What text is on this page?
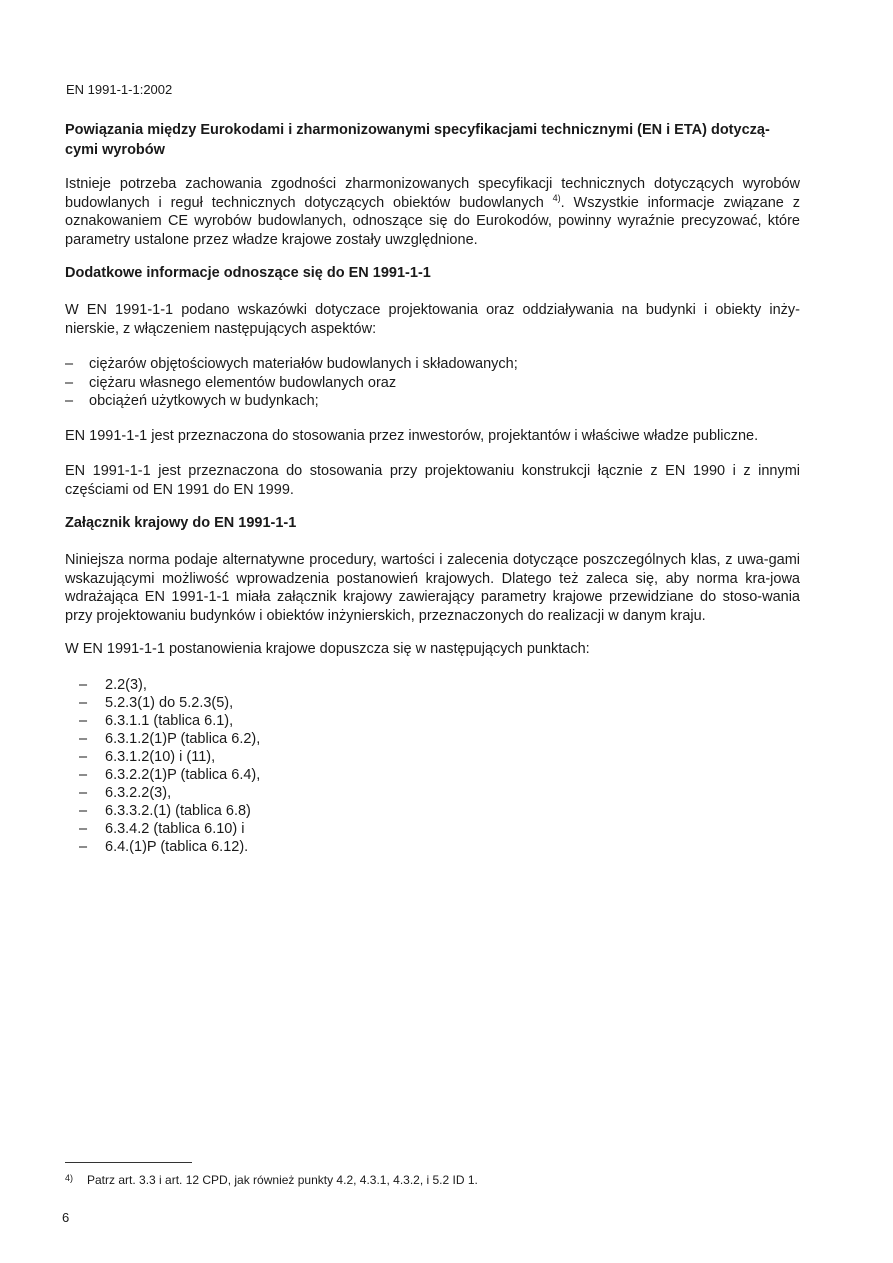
EN 1991-1-1:2002
Powiązania między Eurokodami i zharmonizowanymi specyfikacjami technicznymi (EN i ETA) dotyczą-cymi wyrobów
Istnieje potrzeba zachowania zgodności zharmonizowanych specyfikacji technicznych dotyczących wyrobów budowlanych i reguł technicznych dotyczących obiektów budowlanych $^{4)}$. Wszystkie informacje związane z oznakowaniem CE wyrobów budowlanych, odnoszące się do Eurokodów, powinny wyraźnie precyzować, które parametry ustalone przez władze krajowe zostały uwzględnione.
Dodatkowe informacje odnoszące się do EN 1991-1-1
W EN 1991-1-1 podano wskazówki dotyczace projektowania oraz oddziaływania na budynki i obiekty inży-nierskie, z włączeniem następujących aspektów:
– ciężarów objętościowych materiałów budowlanych i składowanych;
– ciężaru własnego elementów budowlanych oraz
– obciążeń użytkowych w budynkach;
EN 1991-1-1 jest przeznaczona do stosowania przez inwestorów, projektantów i właściwe władze publiczne.
EN 1991-1-1 jest przeznaczona do stosowania przy projektowaniu konstrukcji łącznie z EN 1990 i z innymi częściami od EN 1991 do EN 1999.
Załącznik krajowy do EN 1991-1-1
Niniejsza norma podaje alternatywne procedury, wartości i zalecenia dotyczące poszczególnych klas, z uwa-gami wskazującymi możliwość wprowadzenia postanowień krajowych. Dlatego też zaleca się, aby norma kra-jowa wdrażająca EN 1991-1-1 miała załącznik krajowy zawierający parametry krajowe przewidziane do stoso-wania przy projektowaniu budynków i obiektów inżynierskich, przeznaczonych do realizacji w danym kraju.
W EN 1991-1-1 postanowienia krajowe dopuszcza się w następujących punktach:
– 2.2(3),
– 5.2.3(1) do 5.2.3(5),
– 6.3.1.1 (tablica 6.1),
– 6.3.1.2(1)P (tablica 6.2),
– 6.3.1.2(10) i (11),
– 6.3.2.2(1)P (tablica 6.4),
– 6.3.2.2(3),
– 6.3.3.2.(1) (tablica 6.8)
– 6.3.4.2 (tablica 6.10) i
– 6.4.(1)P (tablica 6.12).
4) Patrz art. 3.3 i art. 12 CPD, jak również punkty 4.2, 4.3.1, 4.3.2, i 5.2 ID 1.
6
